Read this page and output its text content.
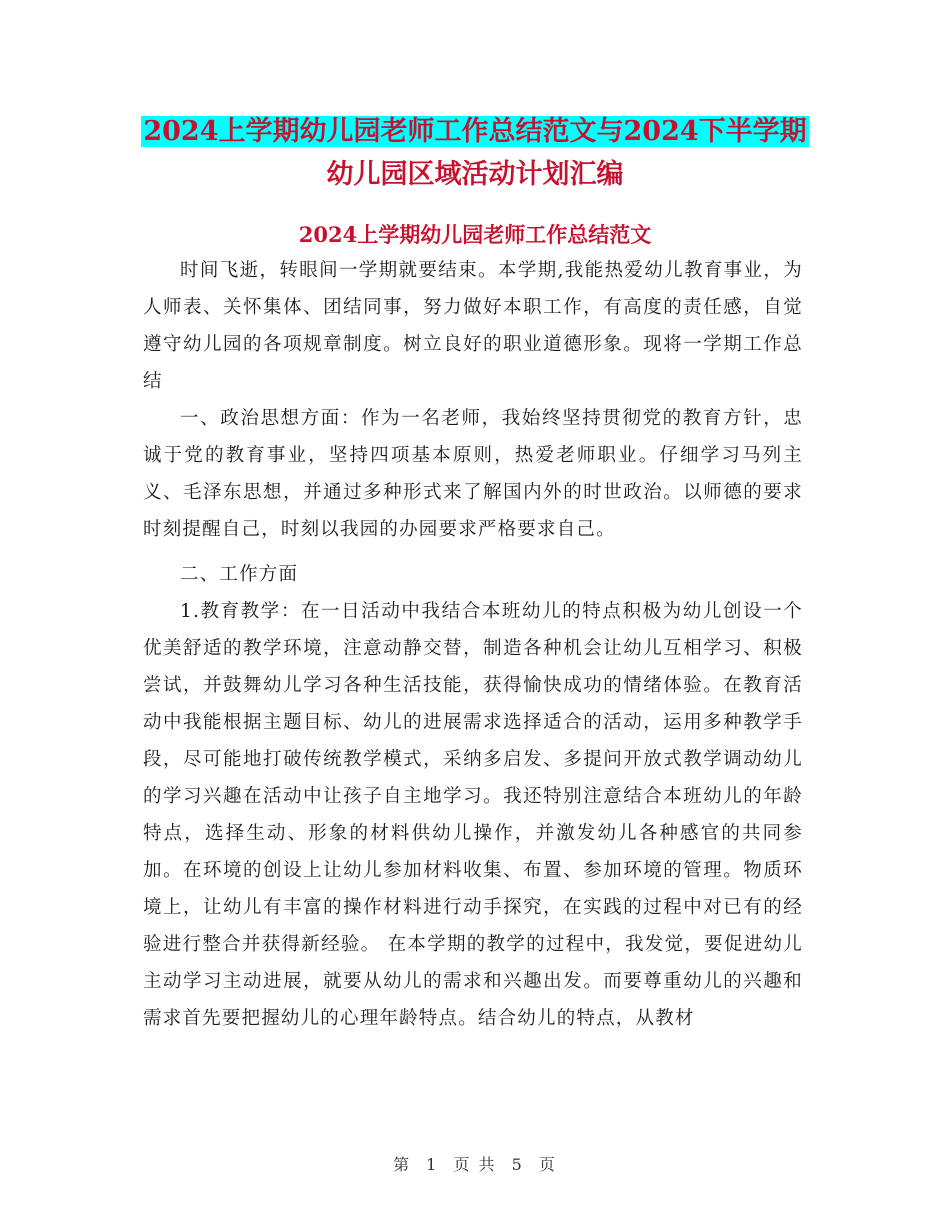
2024上学期幼儿园老师工作总结范文与2024下半学期
幼儿园区域活动计划汇编
2024上学期幼儿园老师工作总结范文

时间飞逝，转眼间一学期就要结束。本学期,我能热爱幼儿教育事业，为人师表、关怀集体、团结同事，努力做好本职工作，有高度的责任感，自觉遵守幼儿园的各项规章制度。树立良好的职业道德形象。现将一学期工作总结

一、政治思想方面：作为一名老师，我始终坚持贯彻党的教育方针，忠诚于党的教育事业，坚持四项基本原则，热爱老师职业。仔细学习马列主义、毛泽东思想，并通过多种形式来了解国内外的时世政治。以师德的要求时刻提醒自己，时刻以我园的办园要求严格要求自己。

二、工作方面

1.教育教学：在一日活动中我结合本班幼儿的特点积极为幼儿创设一个优美舒适的教学环境，注意动静交替，制造各种机会让幼儿互相学习、积极尝试，并鼓舞幼儿学习各种生活技能，获得愉快成功的情绪体验。在教育活动中我能根据主题目标、幼儿的进展需求选择适合的活动，运用多种教学手段，尽可能地打破传统教学模式，采纳多启发、多提问开放式教学调动幼儿的学习兴趣在活动中让孩子自主地学习。我还特别注意结合本班幼儿的年龄特点，选择生动、形象的材料供幼儿操作，并激发幼儿各种感官的共同参加。在环境的创设上让幼儿参加材料收集、布置、参加环境的管理。物质环境上，让幼儿有丰富的操作材料进行动手探究，在实践的过程中对已有的经验进行整合并获得新经验。 在本学期的教学的过程中，我发觉，要促进幼儿主动学习主动进展，就要从幼儿的需求和兴趣出发。而要尊重幼儿的兴趣和需求首先要把握幼儿的心理年龄特点。结合幼儿的特点，从教材

第 1 页 共 5 页
